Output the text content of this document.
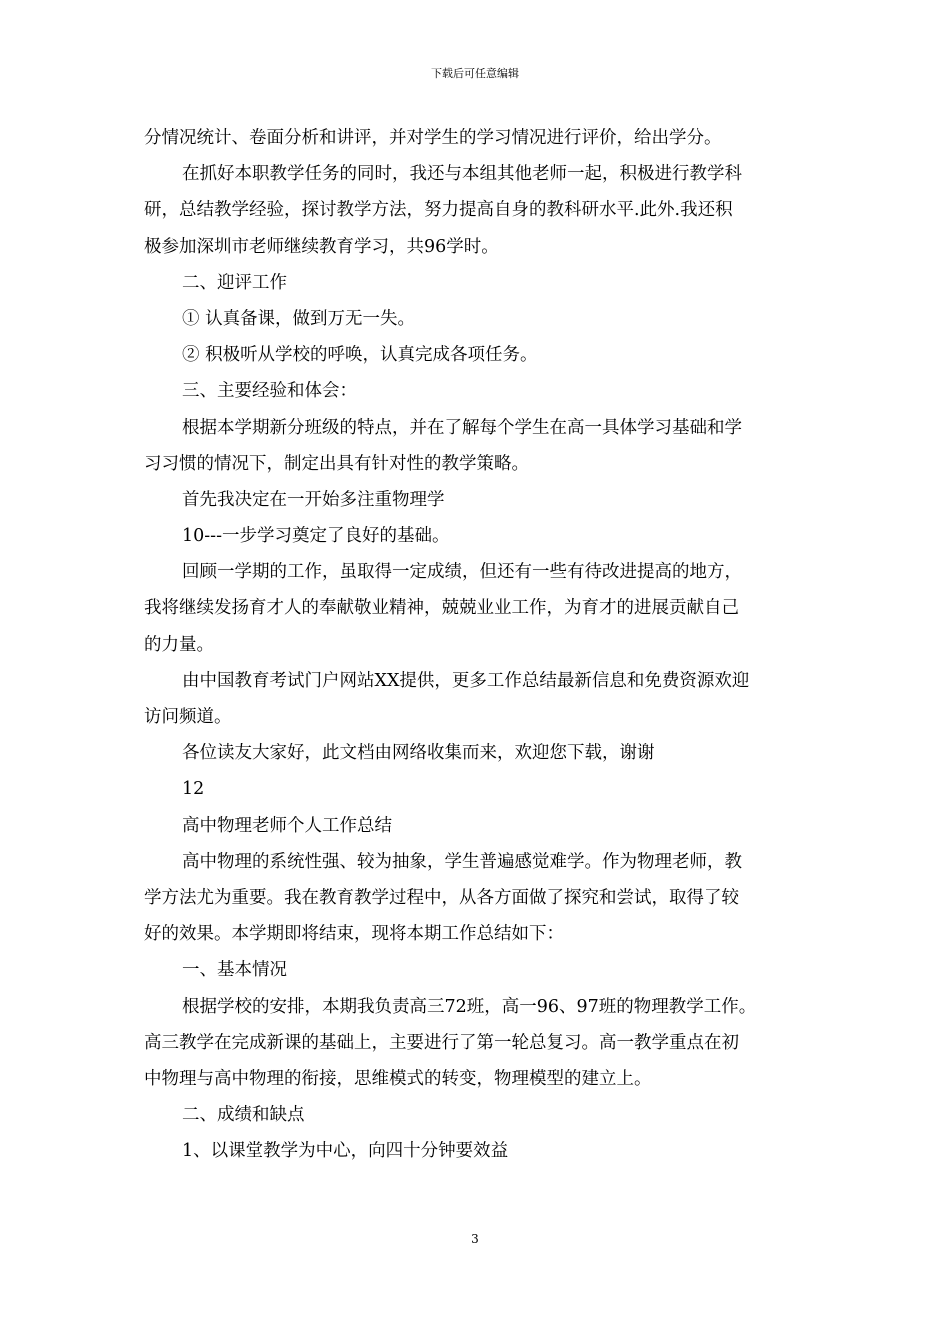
下载后可任意编辑
分情况统计、卷面分析和讲评，并对学生的学习情况进行评价，给出学分。
在抓好本职教学任务的同时，我还与本组其他老师一起，积极进行教学科
研，总结教学经验，探讨教学方法，努力提高自身的教科研水平.此外.我还积
极参加深圳市老师继续教育学习，共96学时。
二、迎评工作
① 认真备课，做到万无一失。
② 积极听从学校的呼唤，认真完成各项任务。
三、主要经验和体会：
根据本学期新分班级的特点，并在了解每个学生在高一具体学习基础和学
习习惯的情况下，制定出具有针对性的教学策略。
首先我决定在一开始多注重物理学
10---一步学习奠定了良好的基础。
回顾一学期的工作，虽取得一定成绩，但还有一些有待改进提高的地方，
我将继续发扬育才人的奉献敬业精神，兢兢业业工作，为育才的进展贡献自己
的力量。
由中国教育考试门户网站XX提供，更多工作总结最新信息和免费资源欢迎
访问频道。
各位读友大家好，此文档由网络收集而来，欢迎您下载，谢谢
12
高中物理老师个人工作总结
高中物理的系统性强、较为抽象，学生普遍感觉难学。作为物理老师，教
学方法尤为重要。我在教育教学过程中，从各方面做了探究和尝试，取得了较
好的效果。本学期即将结束，现将本期工作总结如下：
一、基本情况
根据学校的安排，本期我负责高三72班，高一96、97班的物理教学工作。
高三教学在完成新课的基础上，主要进行了第一轮总复习。高一教学重点在初
中物理与高中物理的衔接，思维模式的转变，物理模型的建立上。
二、成绩和缺点
1、以课堂教学为中心，向四十分钟要效益
3
